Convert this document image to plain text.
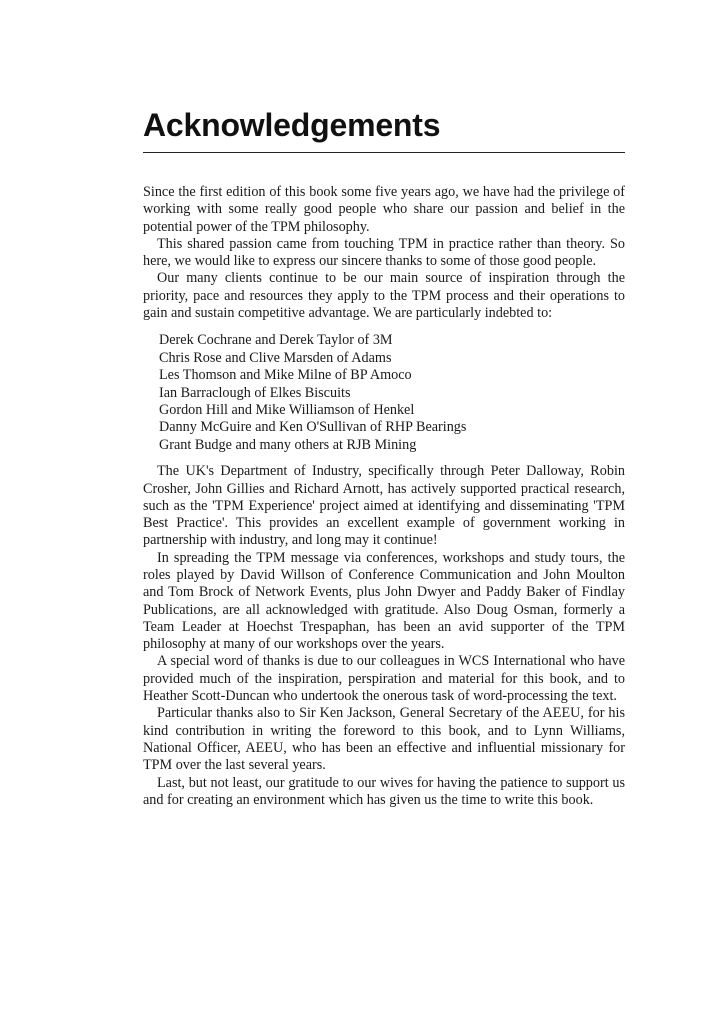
Acknowledgements

Since the first edition of this book some five years ago, we have had the privilege of working with some really good people who share our passion and belief in the potential power of the TPM philosophy.

This shared passion came from touching TPM in practice rather than theory. So here, we would like to express our sincere thanks to some of those good people.

Our many clients continue to be our main source of inspiration through the priority, pace and resources they apply to the TPM process and their operations to gain and sustain competitive advantage. We are particularly indebted to:

Derek Cochrane and Derek Taylor of 3M
Chris Rose and Clive Marsden of Adams
Les Thomson and Mike Milne of BP Amoco
Ian Barraclough of Elkes Biscuits
Gordon Hill and Mike Williamson of Henkel
Danny McGuire and Ken O'Sullivan of RHP Bearings
Grant Budge and many others at RJB Mining

The UK's Department of Industry, specifically through Peter Dalloway, Robin Crosher, John Gillies and Richard Arnott, has actively supported practical research, such as the 'TPM Experience' project aimed at identifying and disseminating 'TPM Best Practice'. This provides an excellent example of government working in partnership with industry, and long may it continue!

In spreading the TPM message via conferences, workshops and study tours, the roles played by David Willson of Conference Communication and John Moulton and Tom Brock of Network Events, plus John Dwyer and Paddy Baker of Findlay Publications, are all acknowledged with gratitude. Also Doug Osman, formerly a Team Leader at Hoechst Trespaphan, has been an avid supporter of the TPM philosophy at many of our workshops over the years.

A special word of thanks is due to our colleagues in WCS International who have provided much of the inspiration, perspiration and material for this book, and to Heather Scott-Duncan who undertook the onerous task of word-processing the text.

Particular thanks also to Sir Ken Jackson, General Secretary of the AEEU, for his kind contribution in writing the foreword to this book, and to Lynn Williams, National Officer, AEEU, who has been an effective and influential missionary for TPM over the last several years.

Last, but not least, our gratitude to our wives for having the patience to support us and for creating an environment which has given us the time to write this book.
